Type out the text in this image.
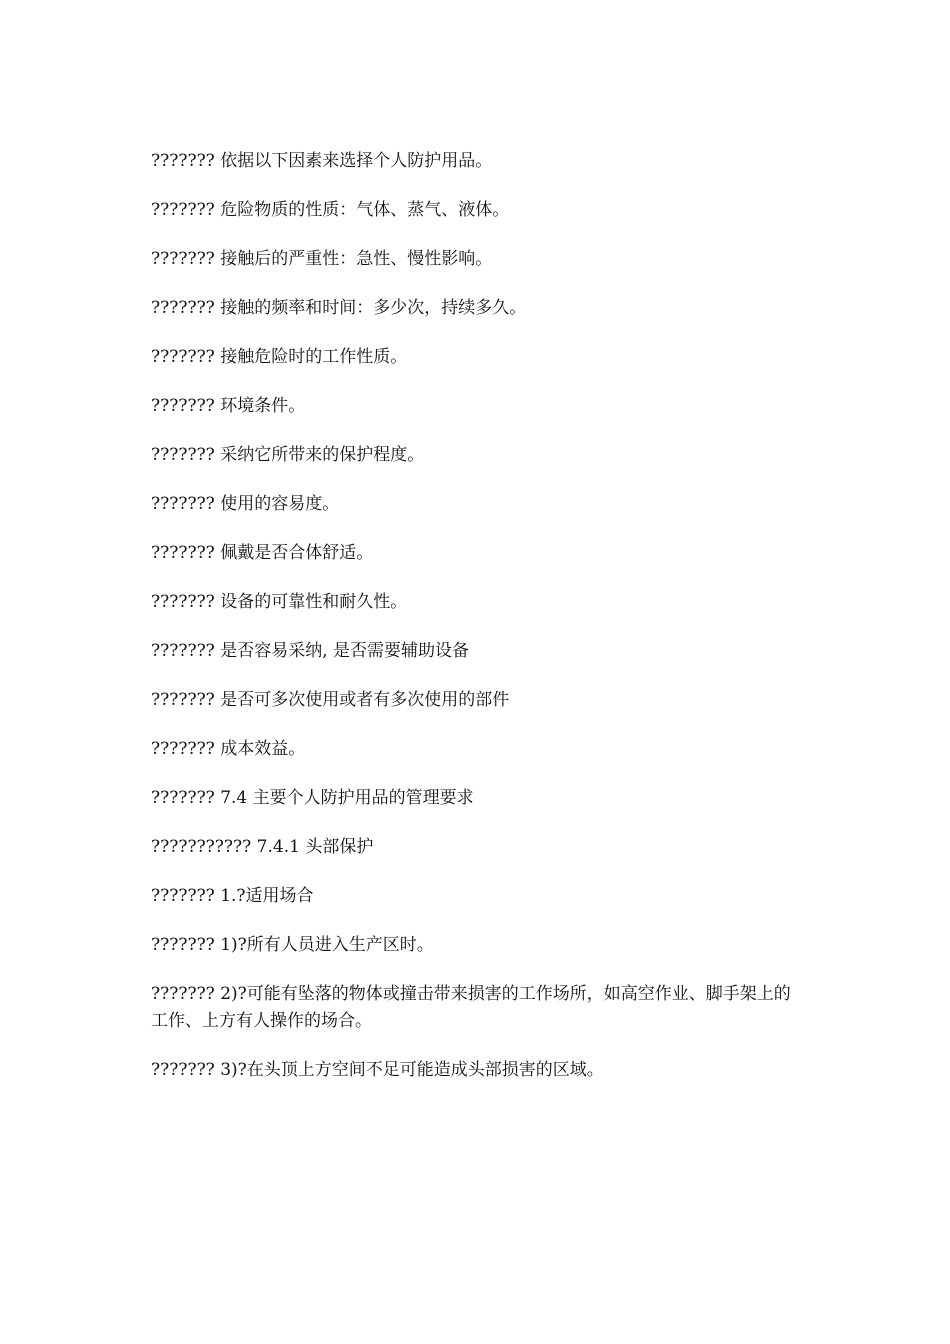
??????? 依据以下因素来选择个人防护用品。

??????? 危险物质的性质：气体、蒸气、液体。

??????? 接触后的严重性：急性、慢性影响。

??????? 接触的频率和时间：多少次，持续多久。

??????? 接触危险时的工作性质。

??????? 环境条件。

??????? 采纳它所带来的保护程度。

??????? 使用的容易度。

??????? 佩戴是否合体舒适。

??????? 设备的可靠性和耐久性。

??????? 是否容易采纳, 是否需要辅助设备

??????? 是否可多次使用或者有多次使用的部件

??????? 成本效益。

??????? 7.4 主要个人防护用品的管理要求

??????????? 7.4.1 头部保护

??????? 1.?适用场合

??????? 1)?所有人员进入生产区时。

??????? 2)?可能有坠落的物体或撞击带来损害的工作场所，如高空作业、脚手架上的工作、上方有人操作的场合。

??????? 3)?在头顶上方空间不足可能造成头部损害的区域。
